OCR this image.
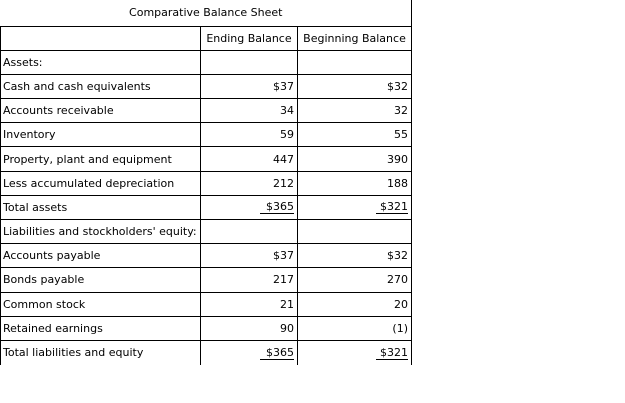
Comparative Balance Sheet		
	Ending Balance	Beginning Balance
Assets:		
Cash and cash equivalents	$37	$32
Accounts receivable	34	32
Inventory	59	55
Property, plant and equipment	447	390
Less accumulated depreciation	212	188
Total assets	$365	$321
Liabilities and stockholders' equity:		
Accounts payable	$37	$32
Bonds payable	217	270
Common stock	21	20
Retained earnings	90	(1)
Total liabilities and equity	$365	$321
